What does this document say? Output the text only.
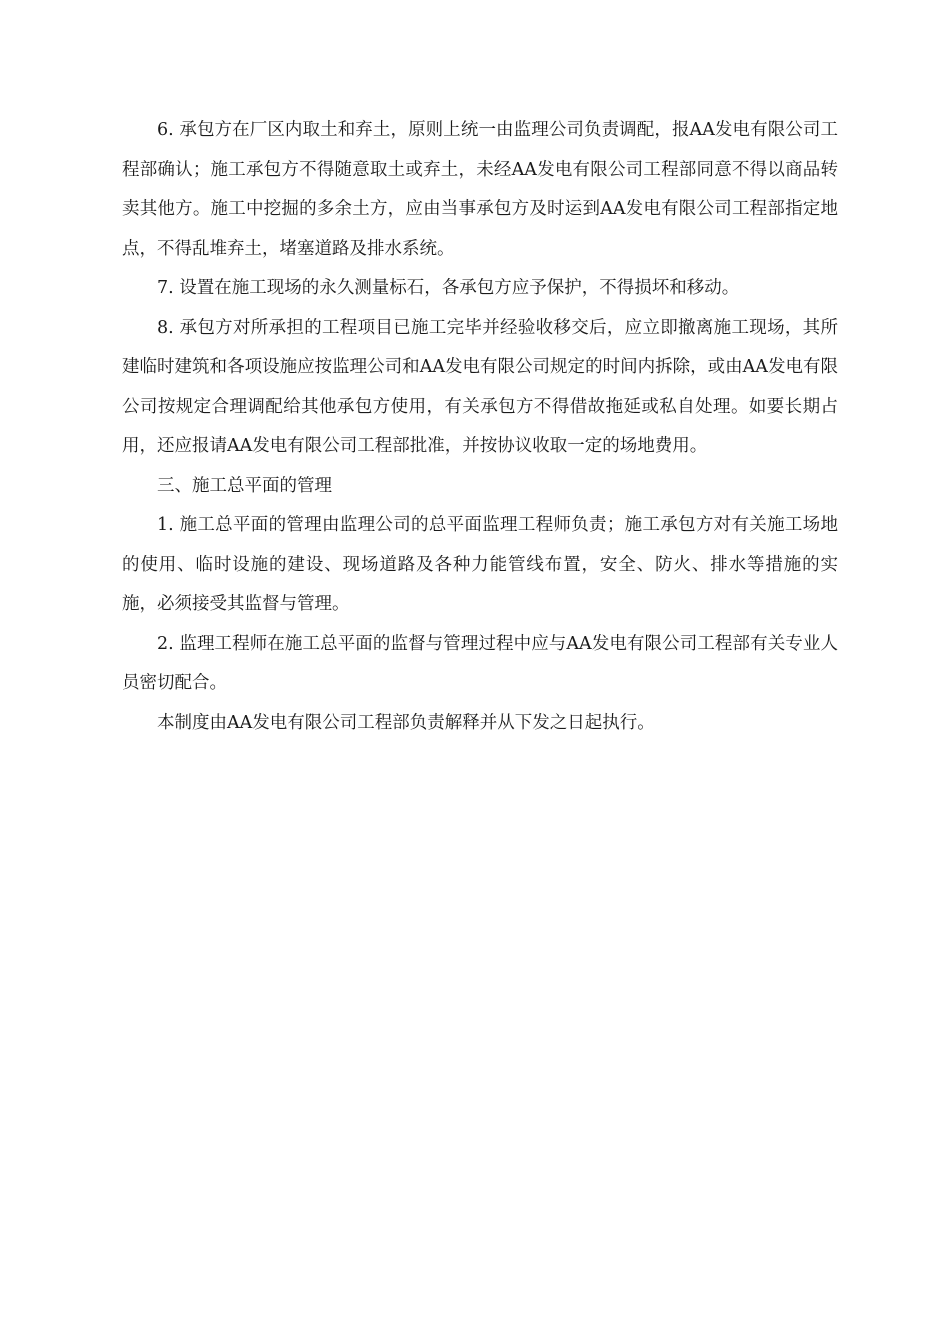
6. 承包方在厂区内取土和弃土，原则上统一由监理公司负责调配，报AA发电有限公司工程部确认；施工承包方不得随意取土或弃土，未经AA发电有限公司工程部同意不得以商品转卖其他方。施工中挖掘的多余土方，应由当事承包方及时运到AA发电有限公司工程部指定地点，不得乱堆弃土，堵塞道路及排水系统。

7. 设置在施工现场的永久测量标石，各承包方应予保护，不得损坏和移动。

8. 承包方对所承担的工程项目已施工完毕并经验收移交后，应立即撤离施工现场，其所建临时建筑和各项设施应按监理公司和AA发电有限公司规定的时间内拆除，或由AA发电有限公司按规定合理调配给其他承包方使用，有关承包方不得借故拖延或私自处理。如要长期占用，还应报请AA发电有限公司工程部批准，并按协议收取一定的场地费用。

三、施工总平面的管理

1. 施工总平面的管理由监理公司的总平面监理工程师负责；施工承包方对有关施工场地的使用、临时设施的建设、现场道路及各种力能管线布置，安全、防火、排水等措施的实施，必须接受其监督与管理。

2. 监理工程师在施工总平面的监督与管理过程中应与AA发电有限公司工程部有关专业人员密切配合。

本制度由AA发电有限公司工程部负责解释并从下发之日起执行。
